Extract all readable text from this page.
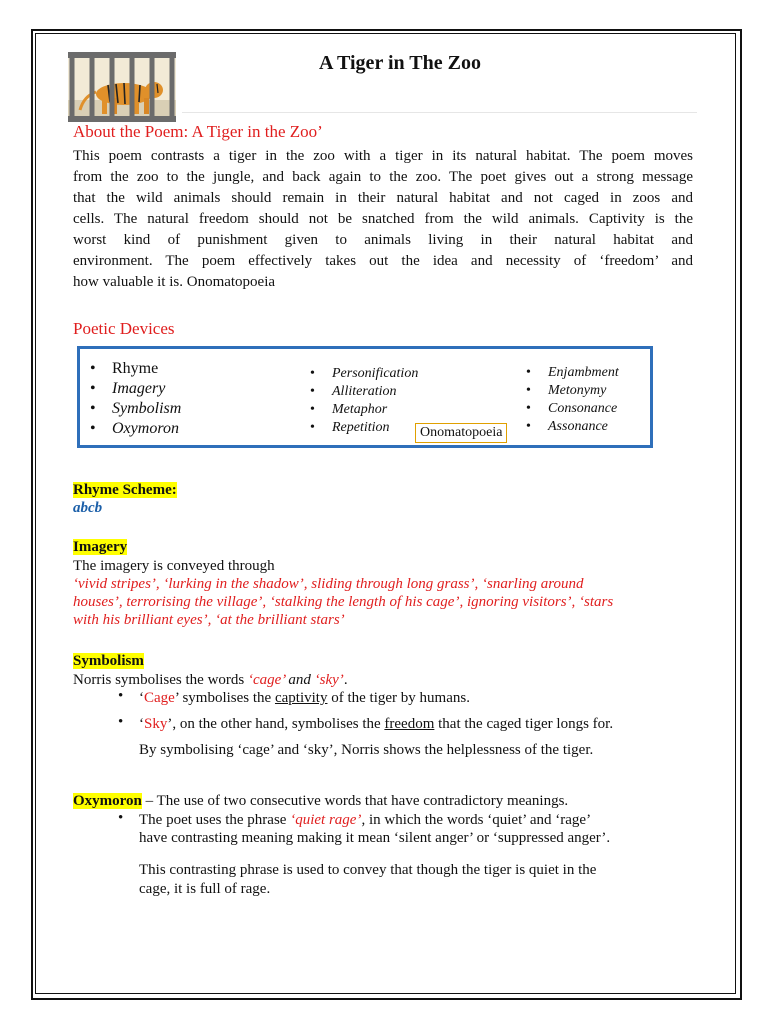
A Tiger in The Zoo
About the Poem: A Tiger in the Zoo’
This poem contrasts a tiger in the zoo with a tiger in its natural habitat. The poem moves
from the zoo to the jungle, and back again to the zoo. The poet gives out a strong message
that the wild animals should remain in their natural habitat and not caged in zoos and
cells. The natural freedom should not be snatched from the wild animals. Captivity is the
worst kind of punishment given to animals living in their natural habitat and
environment. The poem effectively takes out the idea and necessity of ‘freedom’ and
how valuable it is. Onomatopoeia
Poetic Devices
• Rhyme
• Imagery
• Symbolism
• Oxymoron
• Personification
• Alliteration
• Metaphor
• Repetition
• Enjambment
• Metonymy
• Consonance
• Assonance
Onomatopoeia
Rhyme Scheme:
abcb
Imagery
The imagery is conveyed through
‘vivid stripes’, ‘lurking in the shadow’, sliding through long grass’, ‘snarling around
houses’, terrorising the village’, ‘stalking the length of his cage’, ignoring visitors’, ‘stars
with his brilliant eyes’, ‘at the brilliant stars’
Symbolism
Norris symbolises the words ‘cage’ and ‘sky’.
• ‘Cage’ symbolises the captivity of the tiger by humans.
• ‘Sky’, on the other hand, symbolises the freedom that the caged tiger longs for.
By symbolising ‘cage’ and ‘sky’, Norris shows the helplessness of the tiger.
Oxymoron – The use of two consecutive words that have contradictory meanings.
• The poet uses the phrase ‘quiet rage’, in which the words ‘quiet’ and ‘rage’
have contrasting meaning making it mean ‘silent anger’ or ‘suppressed anger’.
This contrasting phrase is used to convey that though the tiger is quiet in the
cage, it is full of rage.
